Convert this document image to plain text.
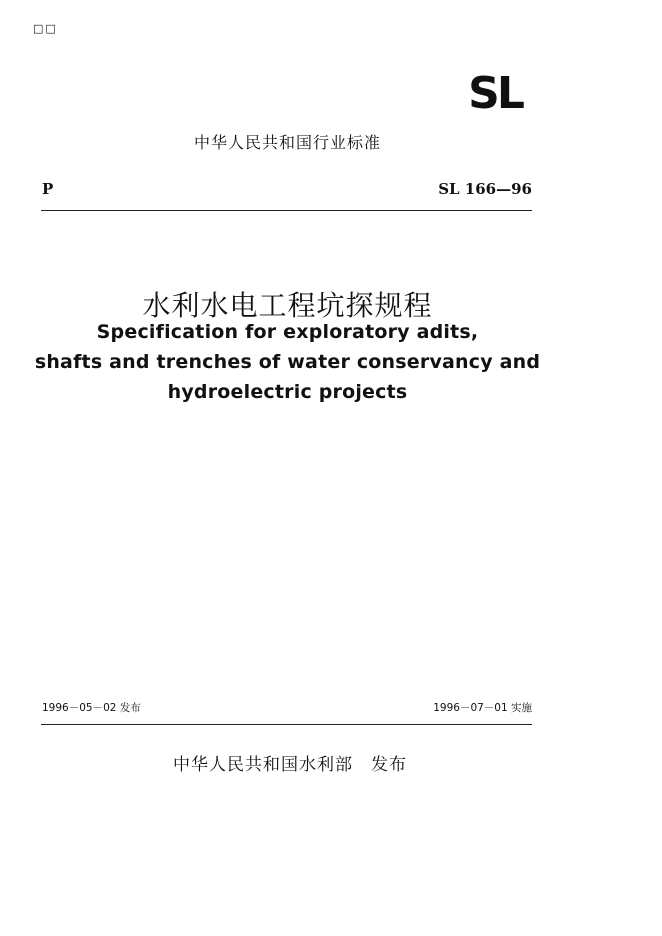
□□
SL
中华人民共和国行业标准
P	SL 166—96
水利水电工程坑探规程
Specification for exploratory adits,
shafts and trenches of water conservancy and
hydroelectric projects
1996－05－02 发布	1996－07－01 实施
中华人民共和国水利部　发布
